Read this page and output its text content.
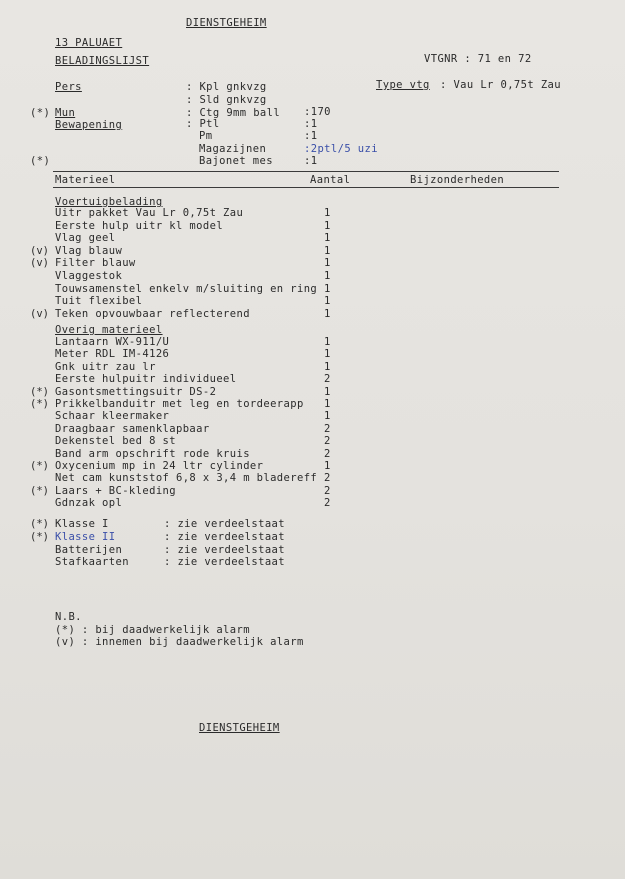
DIENSTGEHEIM
13 PALUAET
BELADINGSLIJST	VTGNR : 71 en 72
Pers	: Kpl gnkvzg
: Sld gnkvzg
Type vtg : Vau Lr 0,75t Zau
(*) Mun	: Ctg 9mm ball :170
Bewapening	: Ptl	:1
Pm	:1
Magazijnen	:2ptl/5 uzi
(*)	Bajonet mes	:1
Materieel	Aantal	Bijzonderheden
Voertuigbelading
Uitr pakket Vau Lr 0,75t Zau	1
Eerste hulp uitr kl model	1
Vlag geel	1
(v) Vlag blauw	1
(v) Filter blauw	1
Vlaggestok	1
Touwsamenstel enkelv m/sluiting en ring 1
Tuit flexibel	1
(v) Teken opvouwbaar reflecterend	1
Overig materieel
Lantaarn WX-911/U	1
Meter RDL IM-4126	1
Gnk uitr zau lr	1
Eerste hulpuitr individueel	2
(*) Gasontsmettingsuitr DS-2	1
(*) Prikkelbanduitr met leg en tordeerapp 1
Schaar kleermaker	1
Draagbaar samenklapbaar	2
Dekenstel bed 8 st	2
Band arm opschrift rode kruis	2
(*) Oxycenium mp in 24 ltr cylinder	1
Net cam kunststof 6,8 x 3,4 m bladereff 2
(*) Laars + BC-kleding	2
Gdnzak opl	2
(*) Klasse I	: zie verdeelstaat
(*) Klasse II	: zie verdeelstaat
Batterijen	: zie verdeelstaat
Stafkaarten	: zie verdeelstaat
N.B.
(*) : bij daadwerkelijk alarm
(v) : innemen bij daadwerkelijk alarm
DIENSTGEHEIM
